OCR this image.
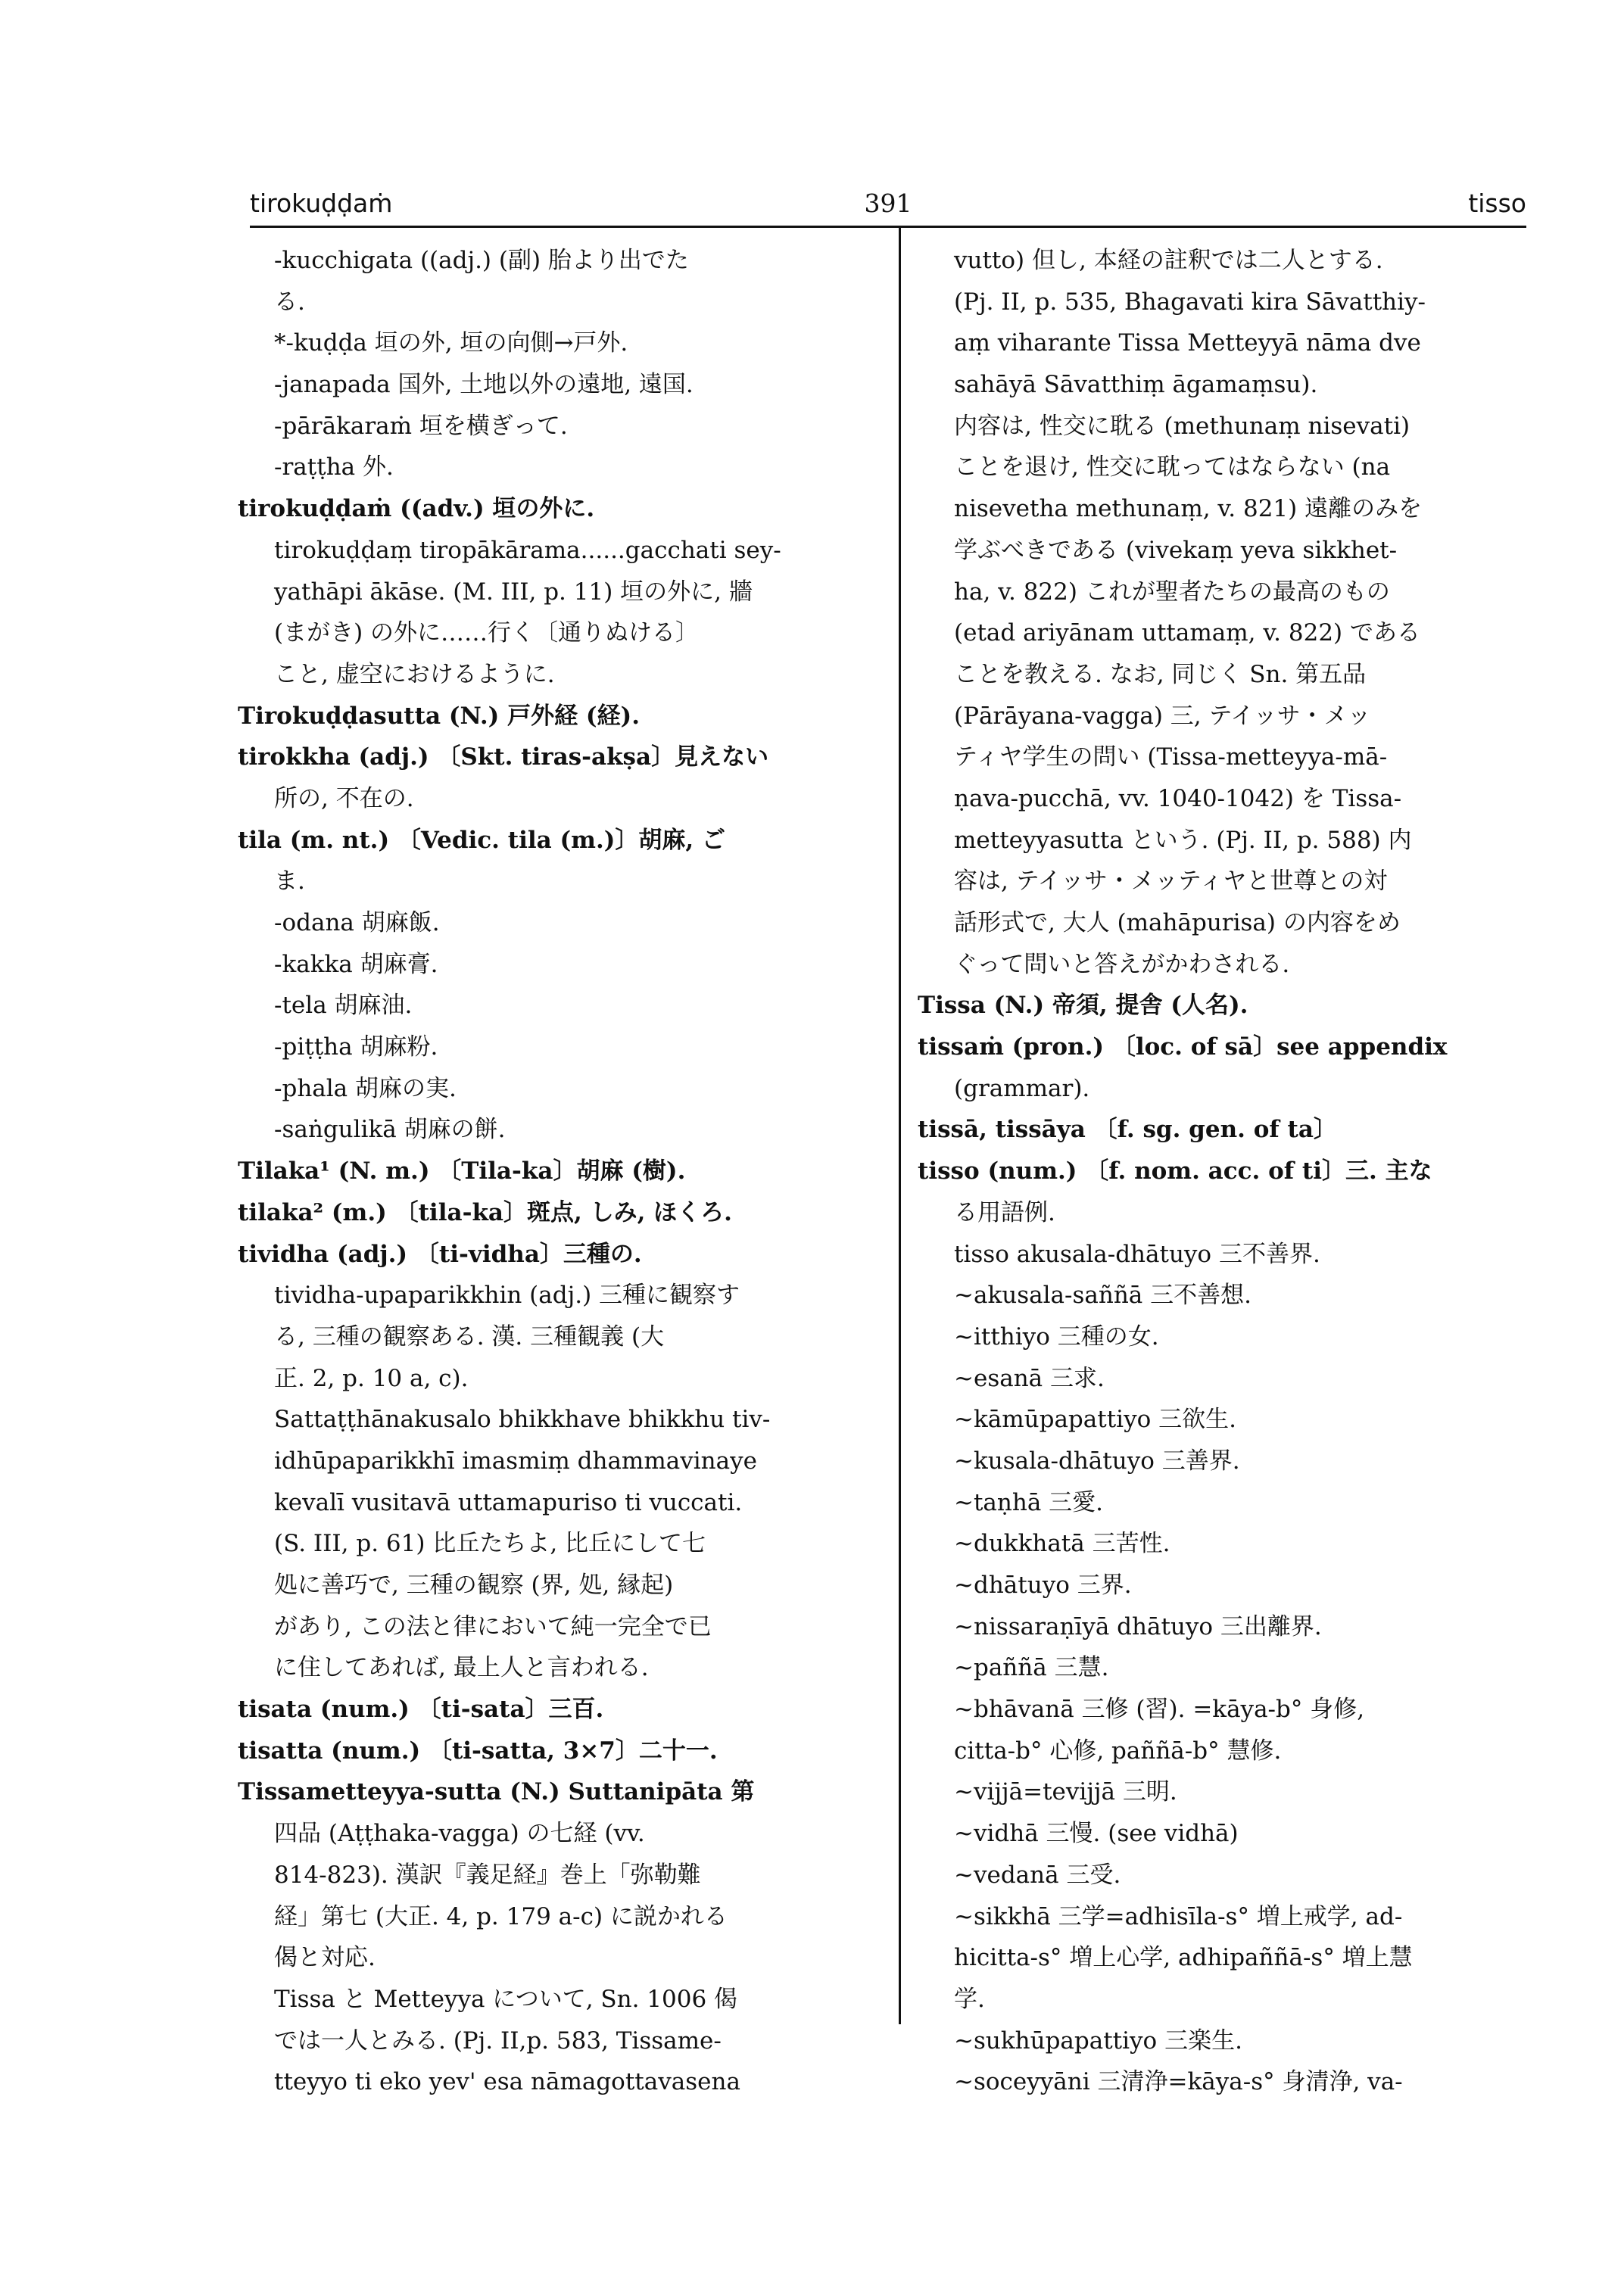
tirokuḍḍaṁ	391	tisso
-kucchigata ((adj.) (副) 胎より出でた
る.
*-kuḍḍa 垣の外, 垣の向側→戸外.
-janapada 国外, 土地以外の遠地, 遠国.
-pārākaraṁ 垣を横ぎって.
-raṭṭha 外.
tirokuḍḍaṁ ((adv.) 垣の外に.
tirokuḍḍaṃ tiropākārama......gacchati sey-
yathāpi ākāse. (M. III, p. 11) 垣の外に, 牆
(まがき) の外に……行く〔通りぬける〕
こと, 虚空におけるように.
Tirokuḍḍasutta (N.) 戸外経 (経).
tirokkha (adj.) 〔Skt. tiras-akṣa〕見えない
所の, 不在の.
tila (m. nt.) 〔Vedic. tila (m.)〕胡麻, ご
ま.
-odana 胡麻飯.
-kakka 胡麻膏.
-tela 胡麻油.
-piṭṭha 胡麻粉.
-phala 胡麻の実.
-saṅgulikā 胡麻の餅.
Tilaka¹ (N. m.) 〔Tila-ka〕胡麻 (樹).
tilaka² (m.) 〔tila-ka〕斑点, しみ, ほくろ.
tividha (adj.) 〔ti-vidha〕三種の.
tividha-upaparikkhin (adj.) 三種に観察す
る, 三種の観察ある. 漢. 三種観義 (大
正. 2, p. 10 a, c).
Sattaṭṭhānakusalo bhikkhave bhikkhu tiv-
idhūpaparikkhī imasmiṃ dhammavinaye
kevalī vusitavā uttamapuriso ti vuccati.
(S. III, p. 61) 比丘たちよ, 比丘にして七
処に善巧で, 三種の観察 (界, 処, 縁起)
があり, この法と律において純一完全で已
に住してあれば, 最上人と言われる.
tisata (num.) 〔ti-sata〕三百.
tisatta (num.) 〔ti-satta, 3×7〕二十一.
Tissametteyya-sutta (N.) Suttanipāta 第
四品 (Aṭṭhaka-vagga) の七経 (vv.
814-823). 漢訳『義足経』巻上「弥勒難
経」第七 (大正. 4, p. 179 a-c) に説かれる
偈と対応.
Tissa と Metteyya について, Sn. 1006 偈
では一人とみる. (Pj. II,p. 583, Tissame-
tteyyo ti eko yev' esa nāmagottavasena
vutto) 但し, 本経の註釈では二人とする.
(Pj. II, p. 535, Bhagavati kira Sāvatthiy-
aṃ viharante Tissa Metteyyā nāma dve
sahāyā Sāvatthiṃ āgamaṃsu).
内容は, 性交に耽る (methunaṃ nisevati)
ことを退け, 性交に耽ってはならない (na
nisevetha methunaṃ, v. 821) 遠離のみを
学ぶべきである (vivekaṃ yeva sikkhet-
ha, v. 822) これが聖者たちの最高のもの
(etad ariyānam uttamaṃ, v. 822) である
ことを教える. なお, 同じく Sn. 第五品
(Pārāyana-vagga) 三, テイッサ・メッ
ティヤ学生の問い (Tissa-metteyya-mā-
ṇava-pucchā, vv. 1040-1042) を Tissa-
metteyyasutta という. (Pj. II, p. 588) 内
容は, テイッサ・メッティヤと世尊との対
話形式で, 大人 (mahāpurisa) の内容をめ
ぐって問いと答えがかわされる.
Tissa (N.) 帝須, 提舎 (人名).
tissaṁ (pron.) 〔loc. of sā〕see appendix
(grammar).
tissā, tissāya 〔f. sg. gen. of ta〕
tisso (num.) 〔f. nom. acc. of ti〕三. 主な
る用語例.
tisso akusala-dhātuyo 三不善界.
~akusala-saññā 三不善想.
~itthiyo 三種の女.
~esanā 三求.
~kāmūpapattiyo 三欲生.
~kusala-dhātuyo 三善界.
~taṇhā 三愛.
~dukkhatā 三苦性.
~dhātuyo 三界.
~nissaraṇīyā dhātuyo 三出離界.
~paññā 三慧.
~bhāvanā 三修 (習). =kāya-b° 身修,
citta-b° 心修, paññā-b° 慧修.
~vijjā=tevijjā 三明.
~vidhā 三慢. (see vidhā)
~vedanā 三受.
~sikkhā 三学=adhisīla-s° 増上戒学, ad-
hicitta-s° 増上心学, adhipaññā-s° 増上慧
学.
~sukhūpapattiyo 三楽生.
~soceyyāni 三清浄=kāya-s° 身清浄, va-
